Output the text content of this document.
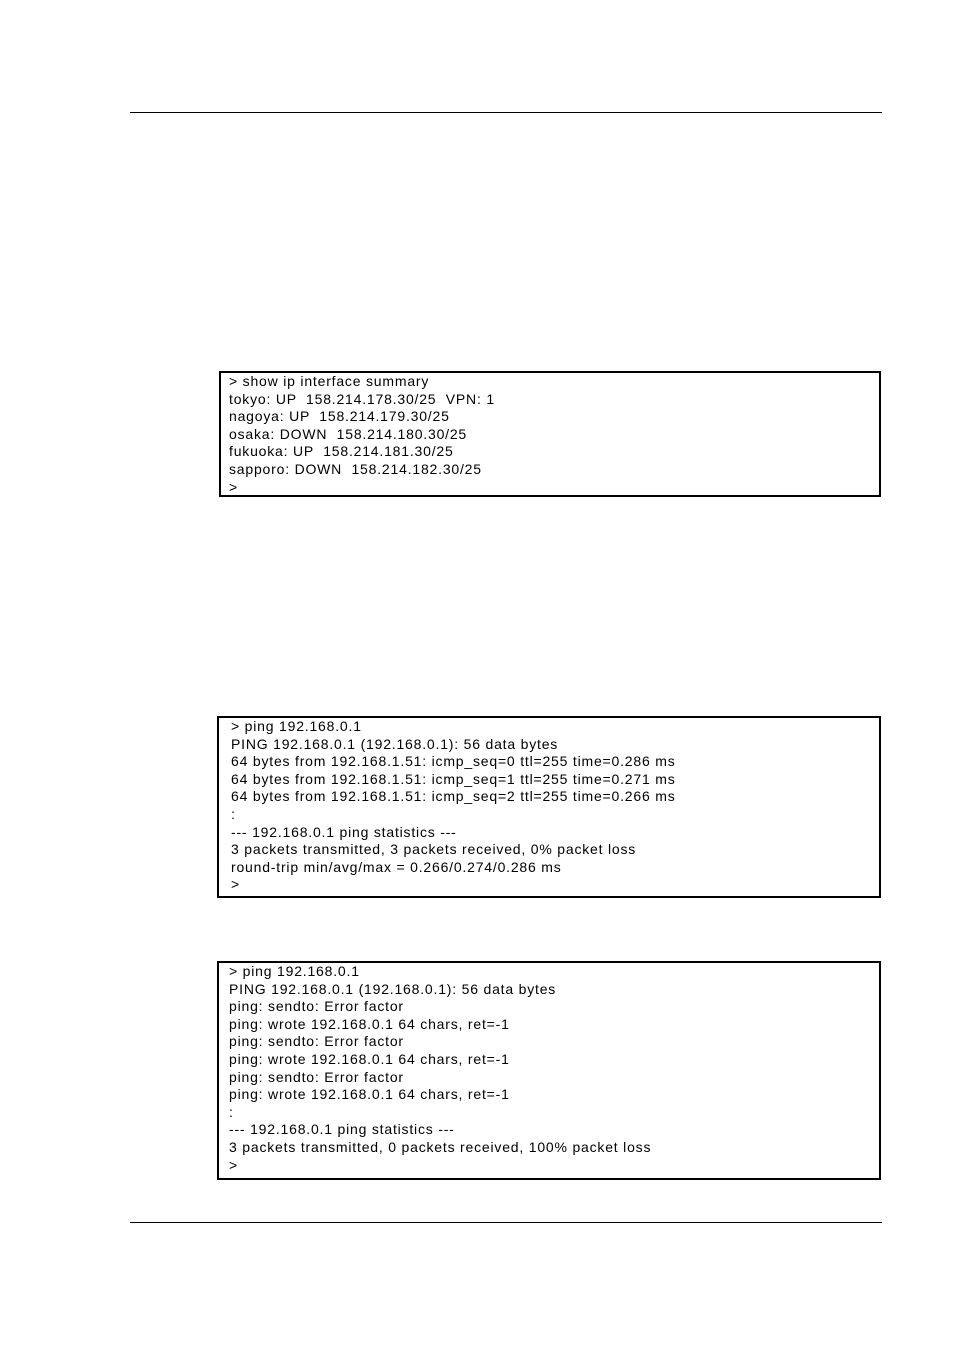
> show ip interface summary
tokyo: UP  158.214.178.30/25  VPN: 1
nagoya: UP  158.214.179.30/25
osaka: DOWN  158.214.180.30/25
fukuoka: UP  158.214.181.30/25
sapporo: DOWN  158.214.182.30/25
>
> ping 192.168.0.1
PING 192.168.0.1 (192.168.0.1): 56 data bytes
64 bytes from 192.168.1.51: icmp_seq=0 ttl=255 time=0.286 ms
64 bytes from 192.168.1.51: icmp_seq=1 ttl=255 time=0.271 ms
64 bytes from 192.168.1.51: icmp_seq=2 ttl=255 time=0.266 ms
:
--- 192.168.0.1 ping statistics ---
3 packets transmitted, 3 packets received, 0% packet loss
round-trip min/avg/max = 0.266/0.274/0.286 ms
>
> ping 192.168.0.1
PING 192.168.0.1 (192.168.0.1): 56 data bytes
ping: sendto: Error factor
ping: wrote 192.168.0.1 64 chars, ret=-1
ping: sendto: Error factor
ping: wrote 192.168.0.1 64 chars, ret=-1
ping: sendto: Error factor
ping: wrote 192.168.0.1 64 chars, ret=-1
:
--- 192.168.0.1 ping statistics ---
3 packets transmitted, 0 packets received, 100% packet loss
>
